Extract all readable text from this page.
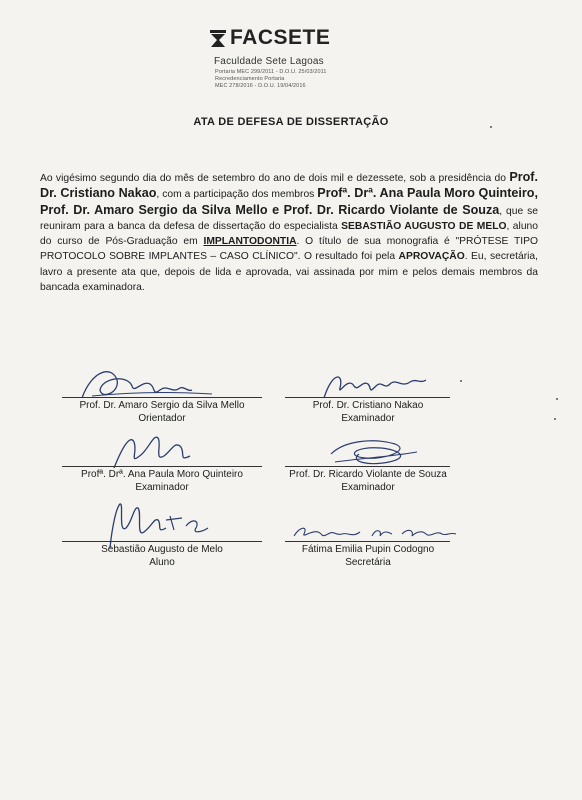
FACSETE
Faculdade Sete Lagoas
Portaria MEC 299/2011 - D.O.U. 25/03/2011
Recredenciamento Portaria
MEC 278/2016 - D.O.U. 19/04/2016
ATA DE DEFESA DE DISSERTAÇÃO
Ao vigésimo segundo dia do mês de setembro do ano de dois mil e dezessete, sob a presidência do Prof. Dr. Cristiano Nakao, com a participação dos membros Profª. Drª. Ana Paula Moro Quinteiro, Prof. Dr. Amaro Sergio da Silva Mello e Prof. Dr. Ricardo Violante de Souza, que se reuniram para a banca da defesa de dissertação do especialista SEBASTIÃO AUGUSTO DE MELO, aluno do curso de Pós-Graduação em IMPLANTODONTIA. O título de sua monografia é "PRÓTESE TIPO PROTOCOLO SOBRE IMPLANTES – CASO CLÍNICO". O resultado foi pela APROVAÇÃO. Eu, secretária, lavro a presente ata que, depois de lida e aprovada, vai assinada por mim e pelos demais membros da bancada examinadora.
Prof. Dr. Amaro Sergio da Silva Mello
Orientador
Prof. Dr. Cristiano Nakao
Examinador
Profª. Drª. Ana Paula Moro Quinteiro
Examinador
Prof. Dr. Ricardo Violante de Souza
Examinador
Sebastião Augusto de Melo
Aluno
Fátima Emilia Pupin Codogno
Secretária
